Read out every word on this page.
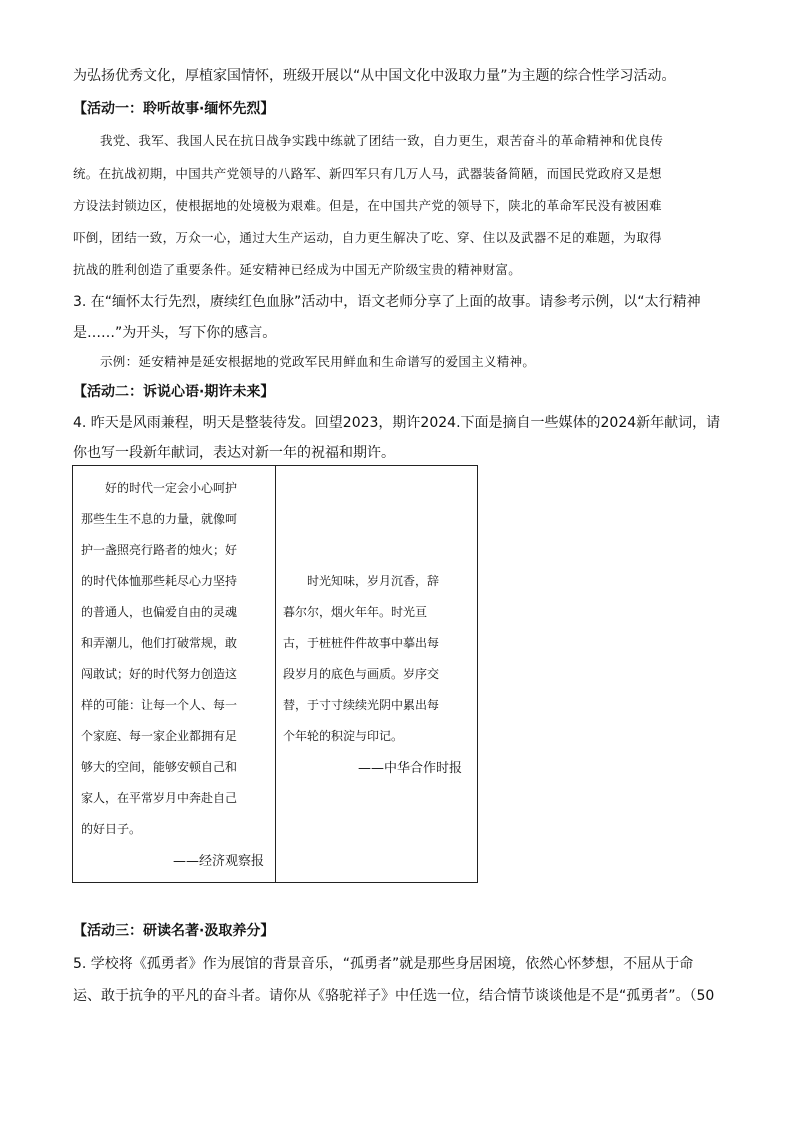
为弘扬优秀文化，厚植家国情怀，班级开展以“从中国文化中汲取力量”为主题的综合性学习活动。
【活动一：聆听故事·缅怀先烈】
我党、我军、我国人民在抗日战争实践中练就了团结一致，自力更生，艰苦奋斗的革命精神和优良传
统。在抗战初期，中国共产党领导的八路军、新四军只有几万人马，武器装备简陋，而国民党政府又是想
方设法封锁边区，使根据地的处境极为艰难。但是，在中国共产党的领导下，陕北的革命军民没有被困难
吓倒，团结一致，万众一心，通过大生产运动，自力更生解决了吃、穿、住以及武器不足的难题，为取得
抗战的胜利创造了重要条件。延安精神已经成为中国无产阶级宝贵的精神财富。
3. 在“缅怀太行先烈，赓续红色血脉”活动中，语文老师分享了上面的故事。请参考示例，以“太行精神
是……”为开头，写下你的感言。
示例：延安精神是延安根据地的党政军民用鲜血和生命谱写的爱国主义精神。
【活动二：诉说心语·期许未来】
4. 昨天是风雨兼程，明天是整装待发。回望2023，期许2024.下面是摘自一些媒体的2024新年献词，请
你也写一段新年献词，表达对新一年的祝福和期许。
　　好的时代一定会小心呵护
那些生生不息的力量，就像呵
护一盏照亮行路者的烛火；好
的时代体恤那些耗尽心力坚持
的普通人，也偏爱自由的灵魂
和弄潮儿，他们打破常规，敢
闯敢试；好的时代努力创造这
样的可能：让每一个人、每一
个家庭、每一家企业都拥有足
够大的空间，能够安顿自己和
家人，在平常岁月中奔赴自己
的好日子。
——经济观察报
　　时光知味，岁月沉香，辞
暮尔尔，烟火年年。时光亘
古，于桩桩件件故事中摹出每
段岁月的底色与画质。岁序交
替，于寸寸续续光阴中累出每
个年轮的积淀与印记。
——中华合作时报
【活动三：研读名著·汲取养分】
5. 学校将《孤勇者》作为展馆的背景音乐，“孤勇者”就是那些身居困境，依然心怀梦想，不屈从于命
运、敢于抗争的平凡的奋斗者。请你从《骆驼祥子》中任选一位，结合情节谈谈他是不是“孤勇者”。（50
